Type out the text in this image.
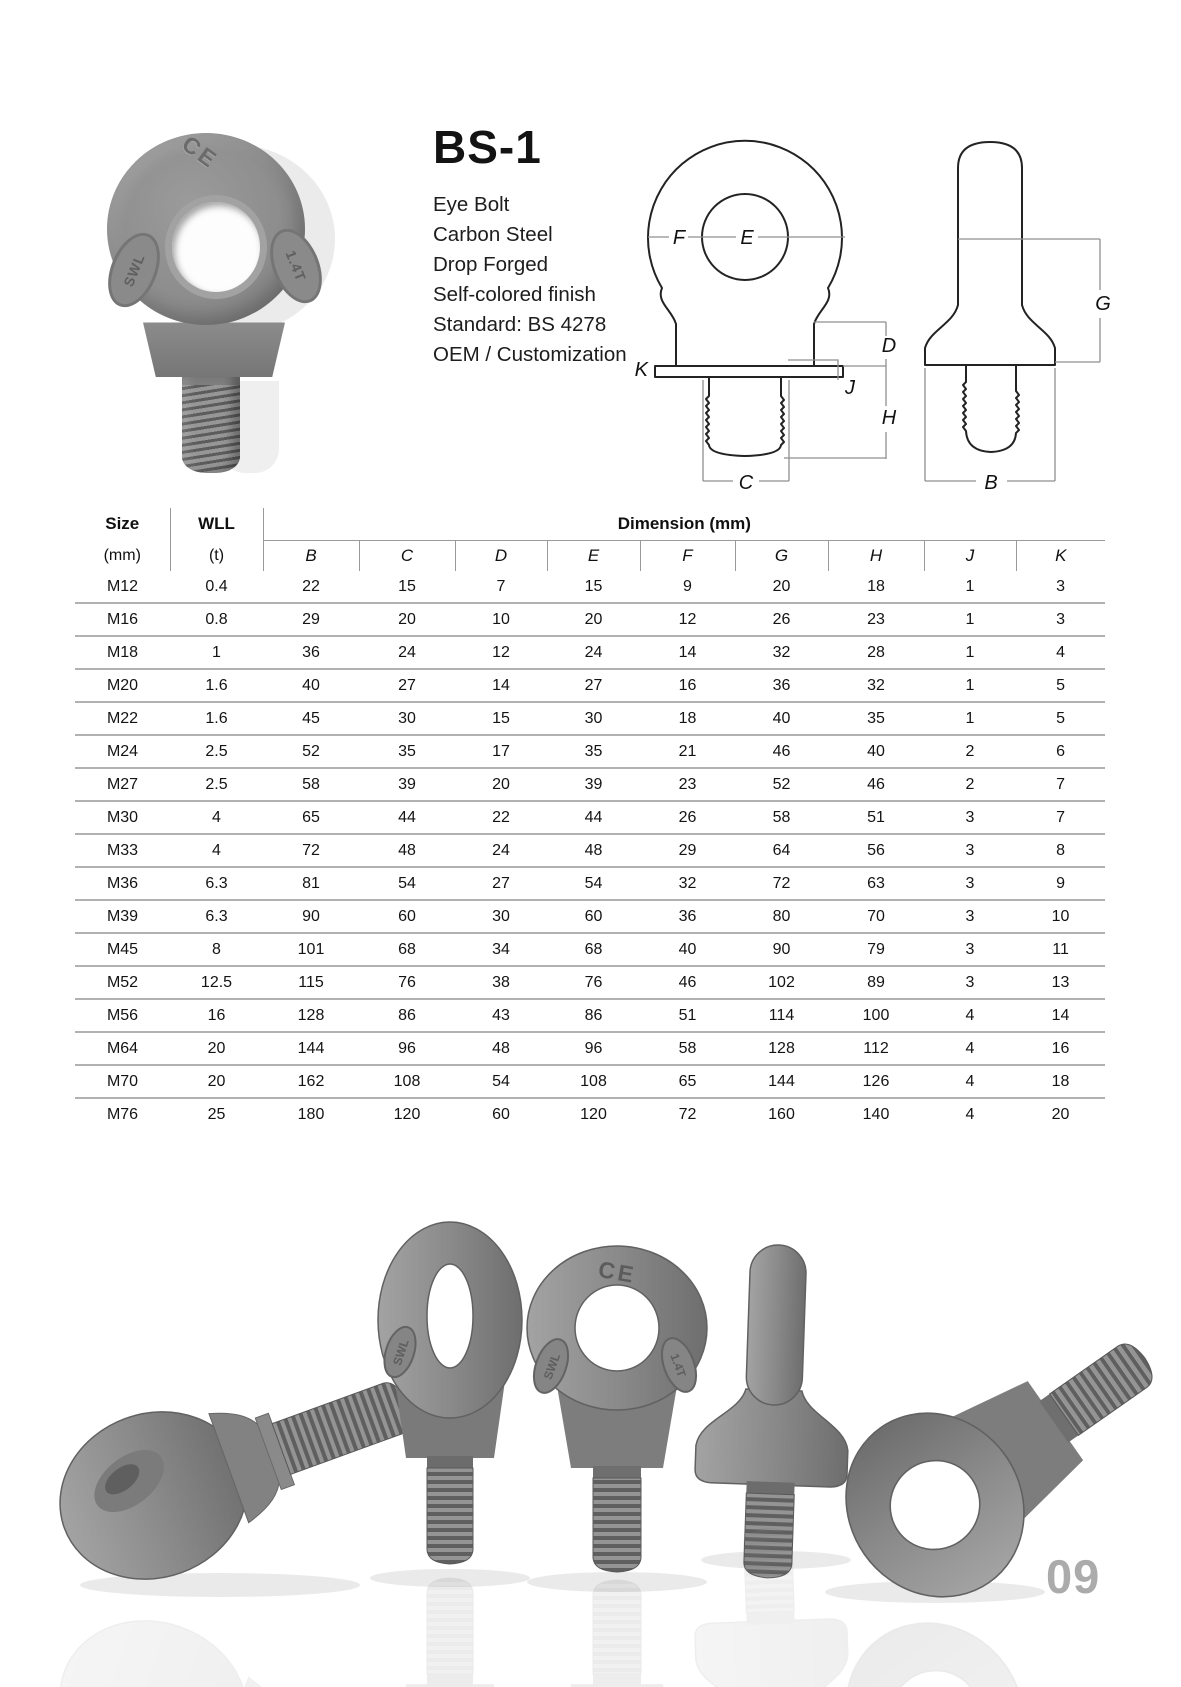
CE
SWL	1.4T
BS-1
Eye Bolt
Carbon Steel
Drop Forged
Self-colored finish
Standard: BS 4278
OEM / Customization
F	E
K
J
D
H
C
G
B
Size	WLL	Dimension (mm)								
(mm)	(t)	B	C	D	E	F	G	H	J	K
M12	0.4	22	15	7	15	9	20	18	1	3
M16	0.8	29	20	10	20	12	26	23	1	3
M18	1	36	24	12	24	14	32	28	1	4
M20	1.6	40	27	14	27	16	36	32	1	5
M22	1.6	45	30	15	30	18	40	35	1	5
M24	2.5	52	35	17	35	21	46	40	2	6
M27	2.5	58	39	20	39	23	52	46	2	7
M30	4	65	44	22	44	26	58	51	3	7
M33	4	72	48	24	48	29	64	56	3	8
M36	6.3	81	54	27	54	32	72	63	3	9
M39	6.3	90	60	30	60	36	80	70	3	10
M45	8	101	68	34	68	40	90	79	3	11
M52	12.5	115	76	38	76	46	102	89	3	13
M56	16	128	86	43	86	51	114	100	4	14
M64	20	144	96	48	96	58	128	112	4	16
M70	20	162	108	54	108	65	144	126	4	18
M76	25	180	120	60	120	72	160	140	4	20
SWL
CE
SWL	1.4T
09
